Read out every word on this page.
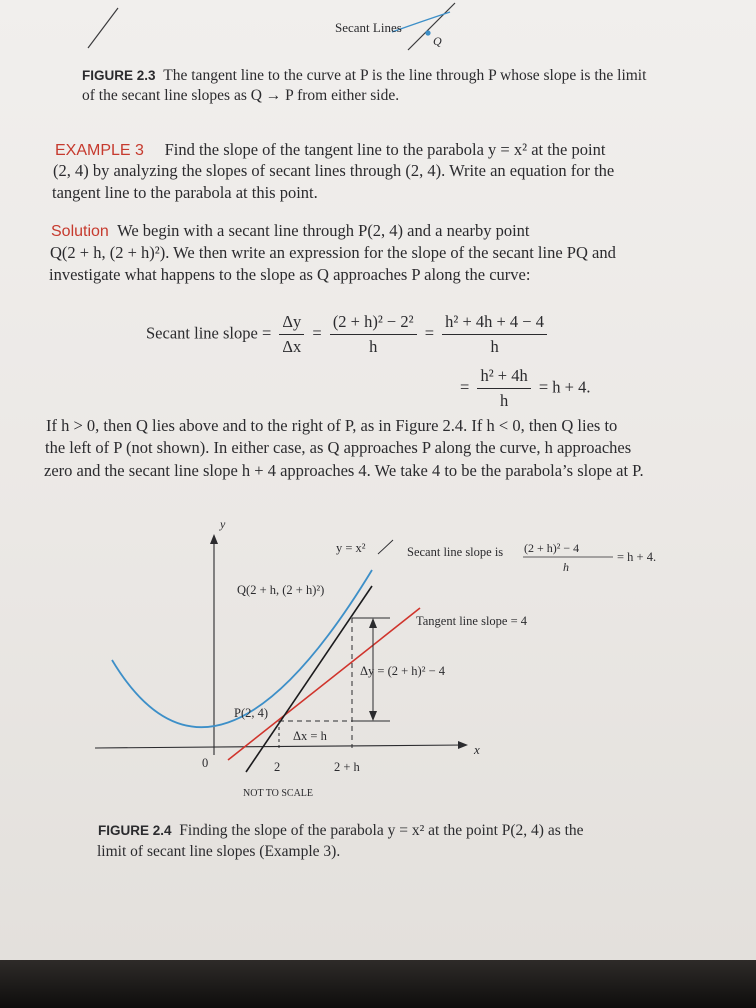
Q
Secant Lines
FIGURE 2.3 The tangent line to the curve at P is the line through P whose slope is the limit
of the secant line slopes as Q → P from either side.
EXAMPLE 3 Find the slope of the tangent line to the parabola y = x² at the point
(2, 4) by analyzing the slopes of secant lines through (2, 4). Write an equation for the
tangent line to the parabola at this point.
Solution We begin with a secant line through P(2, 4) and a nearby point
Q(2 + h, (2 + h)²). We then write an expression for the slope of the secant line PQ and
investigate what happens to the slope as Q approaches P along the curve:
Secant line slope = $\frac{\Delta y}{\Delta x} = \frac{\text{(2 + h)² − 2²}}{h} = \frac{\text{h² + 4h + 4 − 4}}{h}$
= $\frac{\text{h² + 4h}}{h} = h + 4$.
If h > 0, then Q lies above and to the right of P, as in Figure 2.4. If h < 0, then Q lies to
the left of P (not shown). In either case, as Q approaches P along the curve, h approaches
zero and the secant line slope h + 4 approaches 4. We take 4 to be the parabola’s slope at P.
y
x
y = x²
Q(2 + h, (2 + h)²)
P(2, 4)
Secant line slope is (2 + h)² − 4
h
= h + 4.
Tangent line slope = 4
Δy = (2 + h)² − 4
Δx = h
0	2	2 + h
NOT TO SCALE
FIGURE 2.4 Finding the slope of the parabola y = x² at the point P(2, 4) as the
limit of secant line slopes (Example 3).
